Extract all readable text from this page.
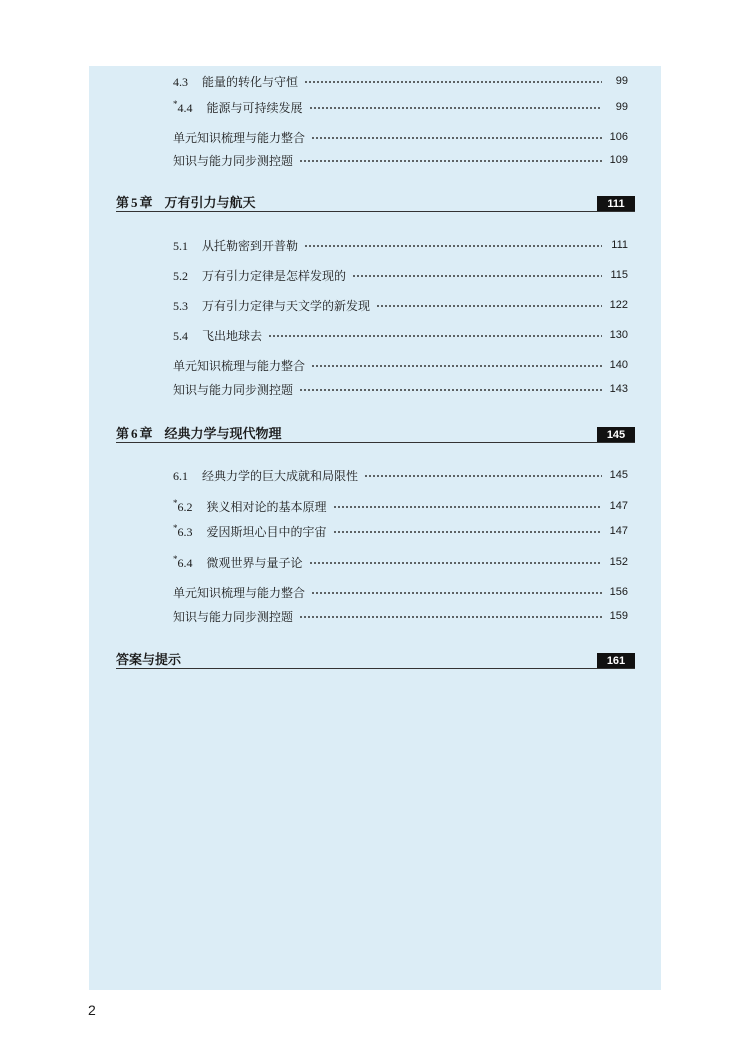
4.3 能量的转化与守恒	99
*4.4 能源与可持续发展	99
单元知识梳理与能力整合	106
知识与能力同步测控题	109
第 5 章 万有引力与航天	111
5.1 从托勒密到开普勒	111
5.2 万有引力定律是怎样发现的	115
5.3 万有引力定律与天文学的新发现	122
5.4 飞出地球去	130
单元知识梳理与能力整合	140
知识与能力同步测控题	143
第 6 章 经典力学与现代物理	145
6.1 经典力学的巨大成就和局限性	145
*6.2 狭义相对论的基本原理	147
*6.3 爱因斯坦心目中的宇宙	147
*6.4 微观世界与量子论	152
单元知识梳理与能力整合	156
知识与能力同步测控题	159
答案与提示	161
2
